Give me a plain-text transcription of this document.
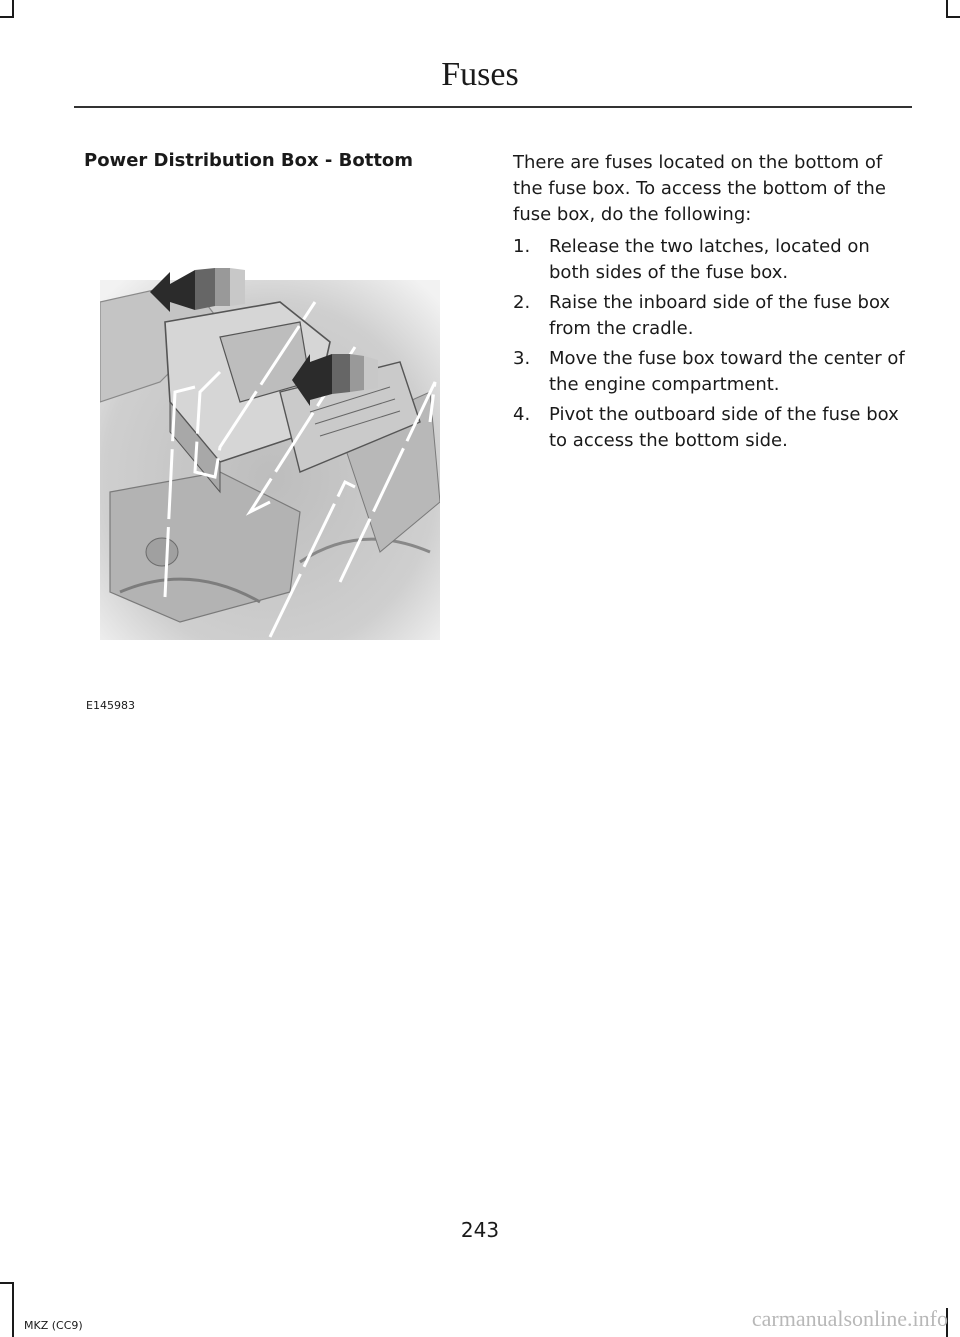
Fuses
Power Distribution Box - Bottom
E145983

There are fuses located on the bottom of the fuse box. To access the bottom of the fuse box, do the following:

1. Release the two latches, located on both sides of the fuse box.
2. Raise the inboard side of the fuse box from the cradle.
3. Move the fuse box toward the center of the engine compartment.
4. Pivot the outboard side of the fuse box to access the bottom side.
243
MKZ (CC9)	carmanualsonline.info
